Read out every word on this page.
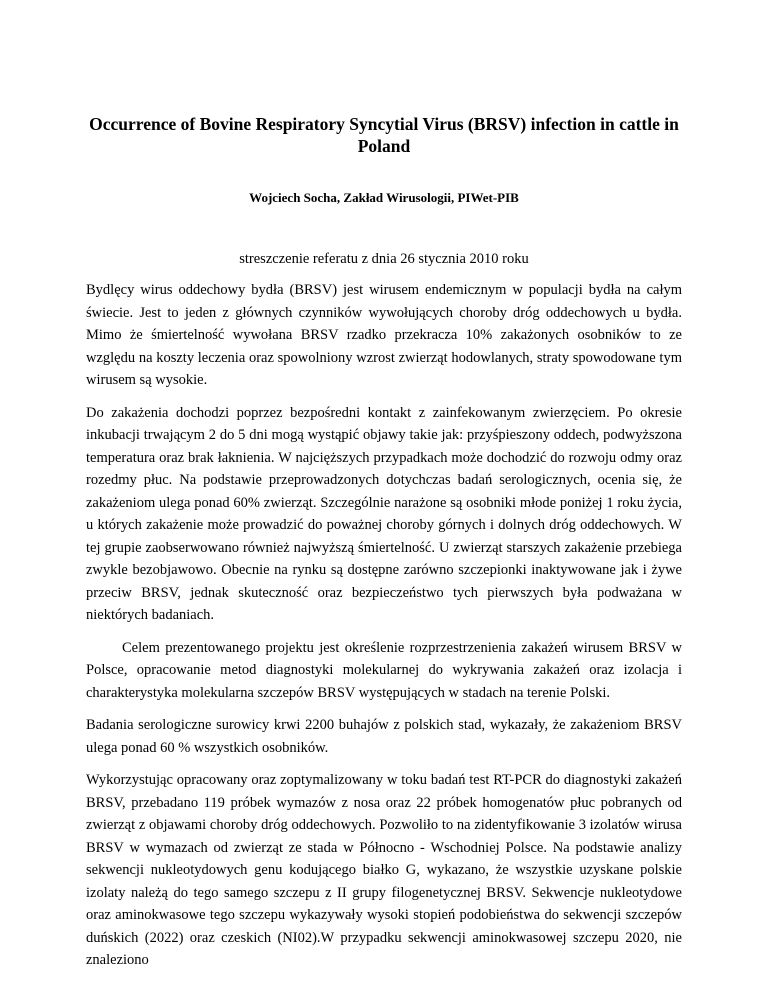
Occurrence of Bovine Respiratory Syncytial Virus (BRSV) infection in cattle in Poland
Wojciech Socha, Zakład Wirusologii, PIWet-PIB
streszczenie referatu z dnia 26 stycznia 2010 roku

Bydlęcy wirus oddechowy bydła (BRSV) jest wirusem endemicznym w populacji bydła na całym świecie. Jest to jeden z głównych czynników wywołujących choroby dróg oddechowych u bydła. Mimo że śmiertelność wywołana BRSV rzadko przekracza 10% zakażonych osobników to ze względu na koszty leczenia oraz spowolniony wzrost zwierząt hodowlanych, straty spowodowane tym wirusem są wysokie.

Do zakażenia dochodzi poprzez bezpośredni kontakt z zainfekowanym zwierzęciem. Po okresie inkubacji trwającym 2 do 5 dni mogą wystąpić objawy takie jak: przyśpieszony oddech, podwyższona temperatura oraz brak łaknienia. W najcięższych przypadkach może dochodzić do rozwoju odmy oraz rozedmy płuc. Na podstawie przeprowadzonych dotychczas badań serologicznych, ocenia się, że zakażeniom ulega ponad 60% zwierząt. Szczególnie narażone są osobniki młode poniżej 1 roku życia, u których zakażenie może prowadzić do poważnej choroby górnych i dolnych dróg oddechowych. W tej grupie zaobserwowano również najwyższą śmiertelność. U zwierząt starszych zakażenie przebiega zwykle bezobjawowo. Obecnie na rynku są dostępne zarówno szczepionki inaktywowane jak i żywe przeciw BRSV, jednak skuteczność oraz bezpieczeństwo tych pierwszych była podważana w niektórych badaniach.

Celem prezentowanego projektu jest określenie rozprzestrzenienia zakażeń wirusem BRSV w Polsce, opracowanie metod diagnostyki molekularnej do wykrywania zakażeń oraz izolacja i charakterystyka molekularna szczepów BRSV występujących w stadach na terenie Polski.

Badania serologiczne surowicy krwi 2200 buhajów z polskich stad, wykazały, że zakażeniom BRSV ulega ponad 60 % wszystkich osobników.

Wykorzystując opracowany oraz zoptymalizowany w toku badań test RT-PCR do diagnostyki zakażeń BRSV, przebadano 119 próbek wymazów z nosa oraz 22 próbek homogenatów płuc pobranych od zwierząt z objawami choroby dróg oddechowych. Pozwoliło to na zidentyfikowanie 3 izolatów wirusa BRSV w wymazach od zwierząt ze stada w Północno - Wschodniej Polsce. Na podstawie analizy sekwencji nukleotydowych genu kodującego białko G, wykazano, że wszystkie uzyskane polskie izolaty należą do tego samego szczepu z II grupy filogenetycznej BRSV. Sekwencje nukleotydowe oraz aminokwasowe tego szczepu wykazywały wysoki stopień podobieństwa do sekwencji szczepów duńskich (2022) oraz czeskich (NI02).W przypadku sekwencji aminokwasowej szczepu 2020, nie znaleziono
